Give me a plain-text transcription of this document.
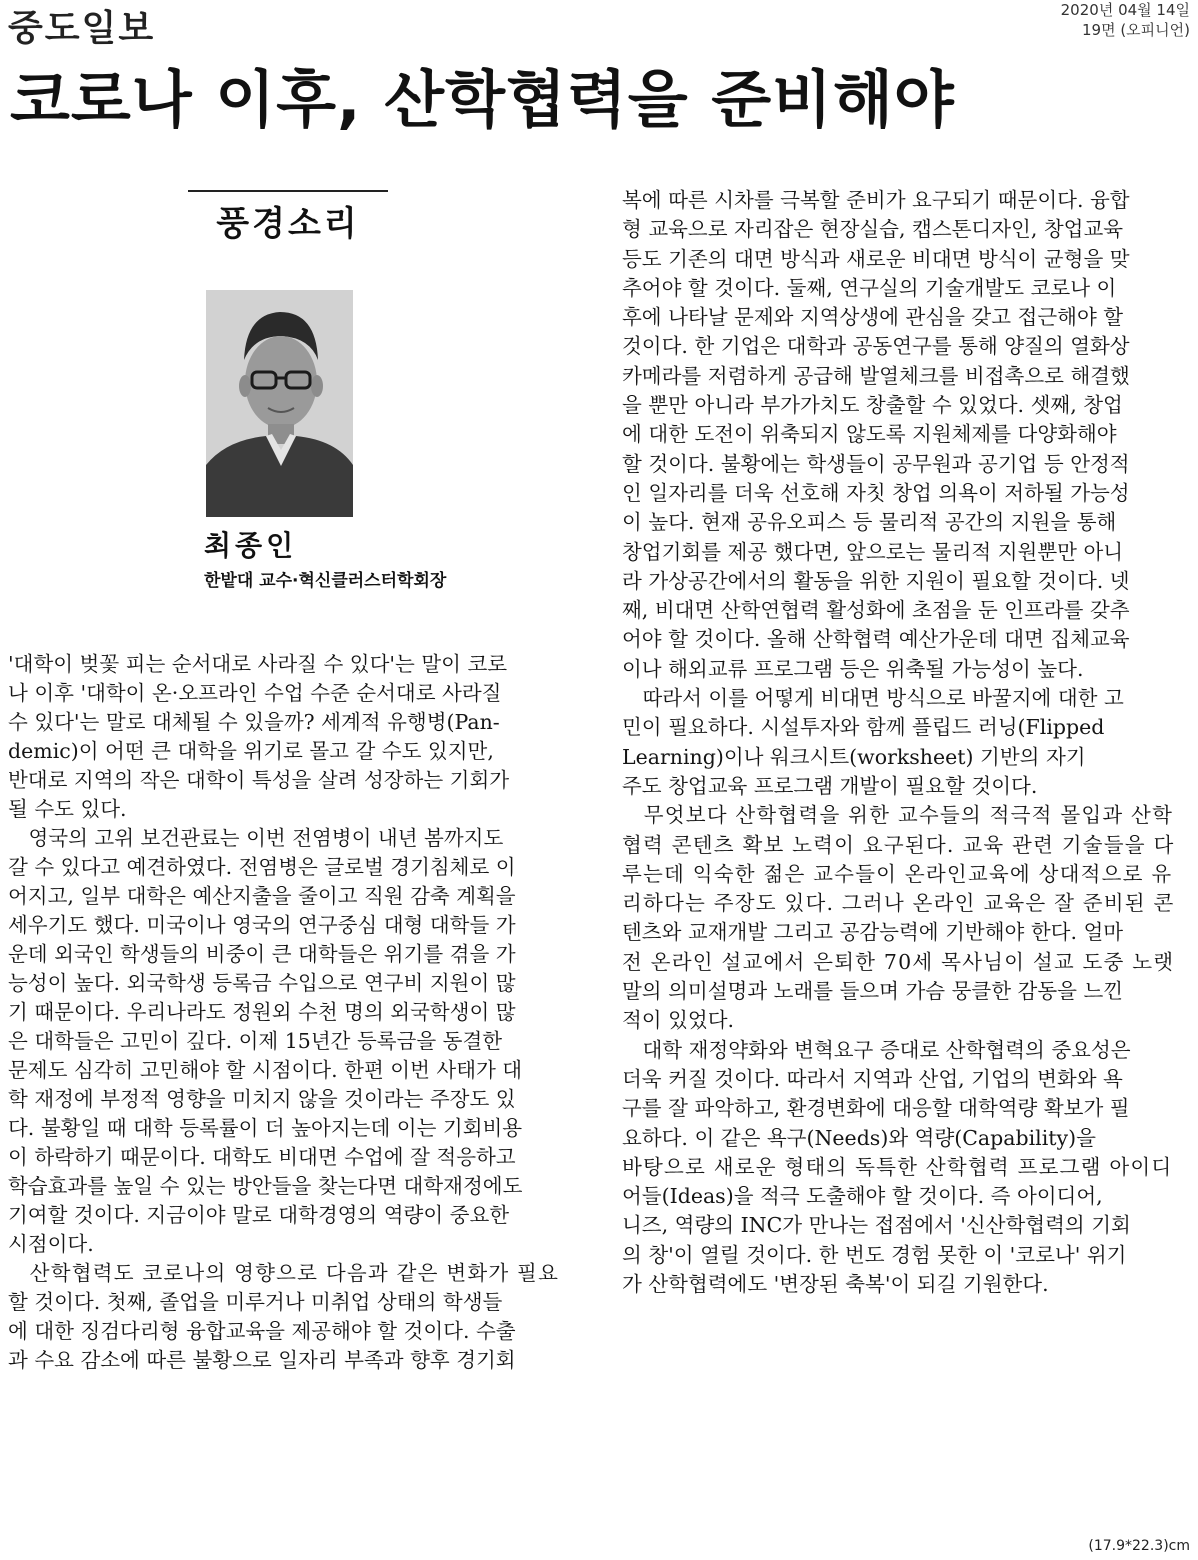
중도일보	2020년 04월 14일
19면 (오피니언)
코로나 이후, 산학협력을 준비해야
풍경소리
최종인
한밭대 교수·혁신클러스터학회장
'대학이 벚꽃 피는 순서대로 사라질 수 있다'는 말이 코로
나 이후 '대학이 온·오프라인 수업 수준 순서대로 사라질
수 있다'는 말로 대체될 수 있을까? 세계적 유행병(Pan-
demic)이 어떤 큰 대학을 위기로 몰고 갈 수도 있지만,
반대로 지역의 작은 대학이 특성을 살려 성장하는 기회가
될 수도 있다.
　영국의 고위 보건관료는 이번 전염병이 내년 봄까지도
갈 수 있다고 예견하였다. 전염병은 글로벌 경기침체로 이
어지고, 일부 대학은 예산지출을 줄이고 직원 감축 계획을
세우기도 했다. 미국이나 영국의 연구중심 대형 대학들 가
운데 외국인 학생들의 비중이 큰 대학들은 위기를 겪을 가
능성이 높다. 외국학생 등록금 수입으로 연구비 지원이 많
기 때문이다. 우리나라도 정원외 수천 명의 외국학생이 많
은 대학들은 고민이 깊다. 이제 15년간 등록금을 동결한
문제도 심각히 고민해야 할 시점이다. 한편 이번 사태가 대
학 재정에 부정적 영향을 미치지 않을 것이라는 주장도 있
다. 불황일 때 대학 등록률이 더 높아지는데 이는 기회비용
이 하락하기 때문이다. 대학도 비대면 수업에 잘 적응하고
학습효과를 높일 수 있는 방안들을 찾는다면 대학재정에도
기여할 것이다. 지금이야 말로 대학경영의 역량이 중요한
시점이다.
　산학협력도 코로나의 영향으로 다음과 같은 변화가 필요
할 것이다. 첫째, 졸업을 미루거나 미취업 상태의 학생들
에 대한 징검다리형 융합교육을 제공해야 할 것이다. 수출
과 수요 감소에 따른 불황으로 일자리 부족과 향후 경기회
복에 따른 시차를 극복할 준비가 요구되기 때문이다. 융합
형 교육으로 자리잡은 현장실습, 캡스톤디자인, 창업교육
등도 기존의 대면 방식과 새로운 비대면 방식이 균형을 맞
추어야 할 것이다. 둘째, 연구실의 기술개발도 코로나 이
후에 나타날 문제와 지역상생에 관심을 갖고 접근해야 할
것이다. 한 기업은 대학과 공동연구를 통해 양질의 열화상
카메라를 저렴하게 공급해 발열체크를 비접촉으로 해결했
을 뿐만 아니라 부가가치도 창출할 수 있었다. 셋째, 창업
에 대한 도전이 위축되지 않도록 지원체제를 다양화해야
할 것이다. 불황에는 학생들이 공무원과 공기업 등 안정적
인 일자리를 더욱 선호해 자칫 창업 의욕이 저하될 가능성
이 높다. 현재 공유오피스 등 물리적 공간의 지원을 통해
창업기회를 제공 했다면, 앞으로는 물리적 지원뿐만 아니
라 가상공간에서의 활동을 위한 지원이 필요할 것이다. 넷
째, 비대면 산학연협력 활성화에 초점을 둔 인프라를 갖추
어야 할 것이다. 올해 산학협력 예산가운데 대면 집체교육
이나 해외교류 프로그램 등은 위축될 가능성이 높다.
　따라서 이를 어떻게 비대면 방식으로 바꿀지에 대한 고
민이 필요하다. 시설투자와 함께 플립드 러닝(Flipped
Learning)이나 워크시트(worksheet) 기반의 자기
주도 창업교육 프로그램 개발이 필요할 것이다.
　무엇보다 산학협력을 위한 교수들의 적극적 몰입과 산학
협력 콘텐츠 확보 노력이 요구된다. 교육 관련 기술들을 다
루는데 익숙한 젊은 교수들이 온라인교육에 상대적으로 유
리하다는 주장도 있다. 그러나 온라인 교육은 잘 준비된 콘
텐츠와 교재개발 그리고 공감능력에 기반해야 한다. 얼마
전 온라인 설교에서 은퇴한 70세 목사님이 설교 도중 노랫
말의 의미설명과 노래를 들으며 가슴 뭉클한 감동을 느낀
적이 있었다.
　대학 재정약화와 변혁요구 증대로 산학협력의 중요성은
더욱 커질 것이다. 따라서 지역과 산업, 기업의 변화와 욕
구를 잘 파악하고, 환경변화에 대응할 대학역량 확보가 필
요하다. 이 같은 욕구(Needs)와 역량(Capability)을
바탕으로 새로운 형태의 독특한 산학협력 프로그램 아이디
어들(Ideas)을 적극 도출해야 할 것이다. 즉 아이디어,
니즈, 역량의 INC가 만나는 접점에서 '신산학협력의 기회
의 창'이 열릴 것이다. 한 번도 경험 못한 이 '코로나' 위기
가 산학협력에도 '변장된 축복'이 되길 기원한다.
(17.9*22.3)cm
